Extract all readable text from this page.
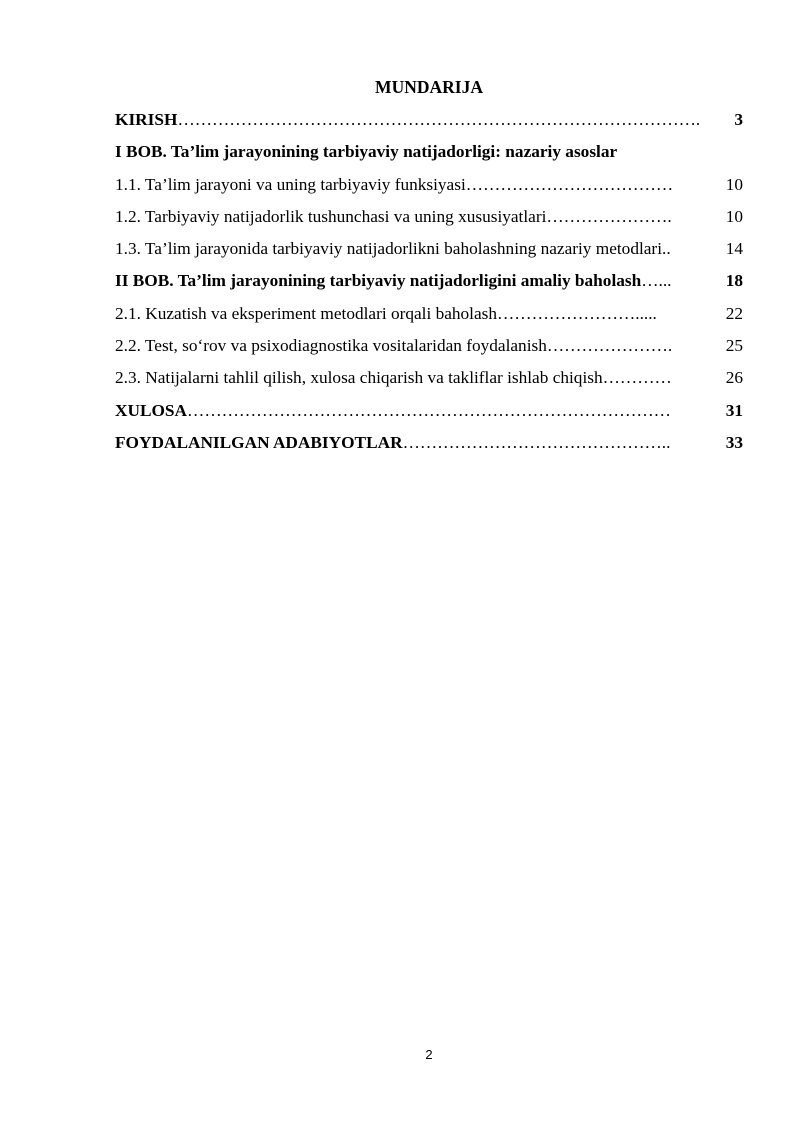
MUNDARIJA
KIRISH ……………………………………………………………………………….	3
I BOB. Ta’lim jarayonining tarbiyaviy natijadorligi: nazariy asoslar
1.1. Ta’lim jarayoni va uning tarbiyaviy funksiyasi ………………………………	10
1.2. Tarbiyaviy natijadorlik tushunchasi va uning xususiyatlari ………………….	10
1.3. Ta’lim jarayonida tarbiyaviy natijadorlikni baholashning nazariy metodlari ..	14
II BOB. Ta’lim jarayonining tarbiyaviy natijadorligini amaliy baholash …...	18
2.1. Kuzatish va eksperiment metodlari orqali baholash …………………….....	22
2.2. Test, so‘rov va psixodiagnostika vositalaridan foydalanish ………………….	25
2.3. Natijalarni tahlil qilish, xulosa chiqarish va takliflar ishlab chiqish …………	26
XULOSA …………………………………………………………………………	31
FOYDALANILGAN ADABIYOTLAR ………………………………………..	33
2
